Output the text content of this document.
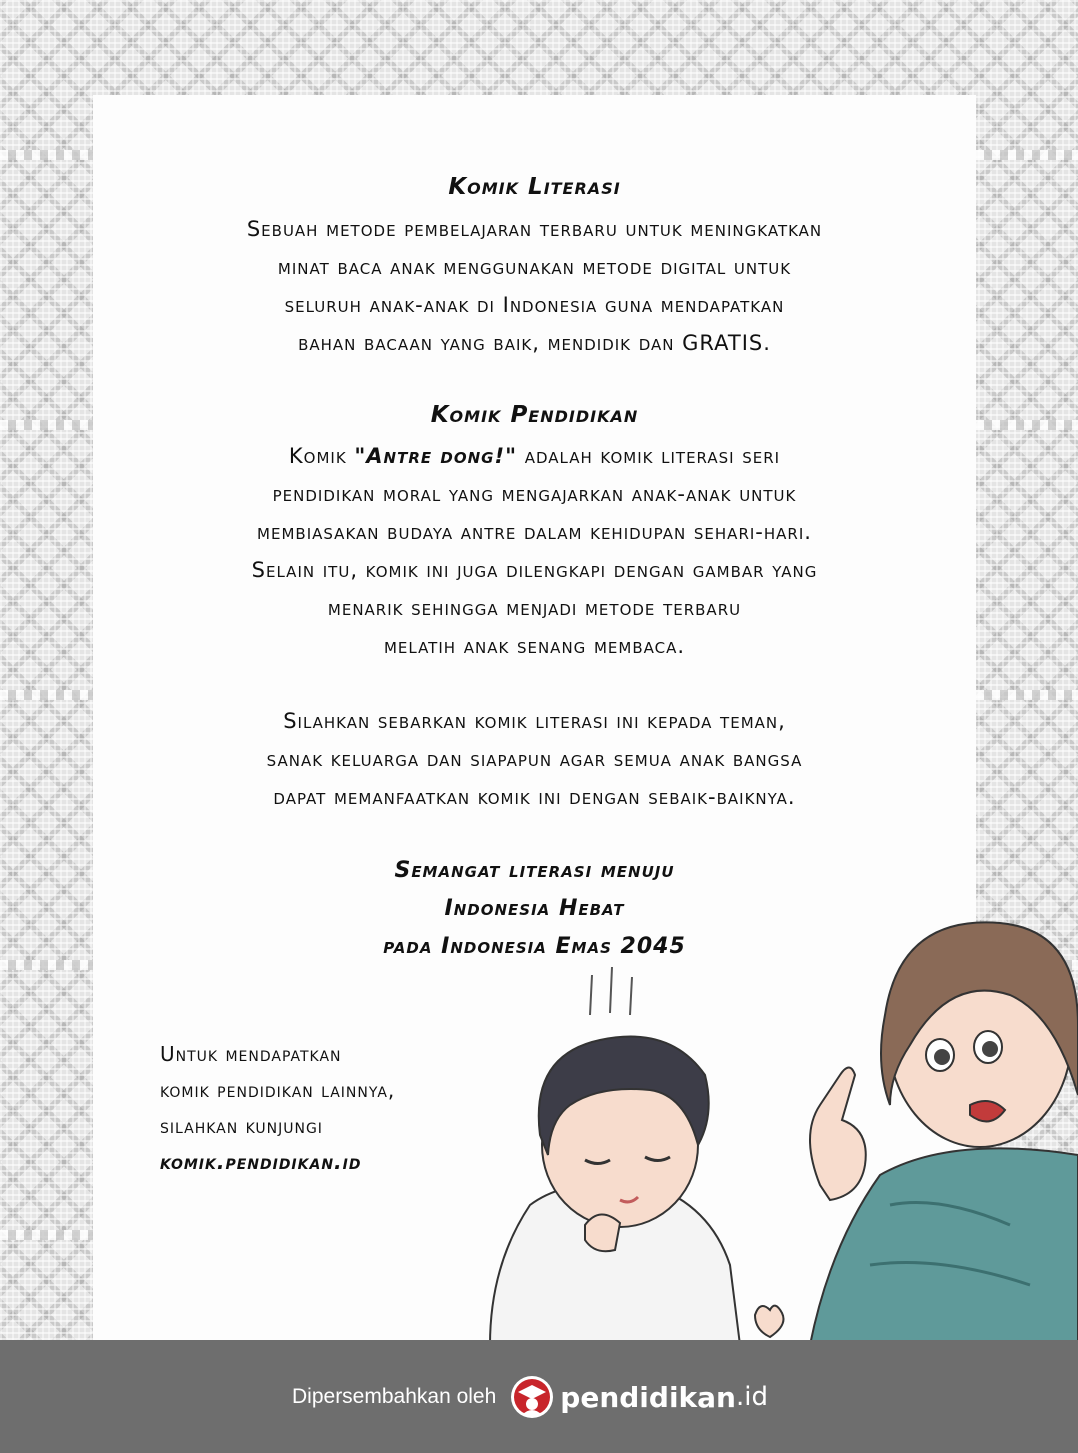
Komik Literasi
Sebuah metode pembelajaran terbaru untuk meningkatkan
minat baca anak menggunakan metode digital untuk
seluruh anak-anak di Indonesia guna mendapatkan
bahan bacaan yang baik, mendidik dan GRATIS.
Komik Pendidikan
Komik "Antre dong!" adalah komik literasi seri
pendidikan moral yang mengajarkan anak-anak untuk
membiasakan budaya antre dalam kehidupan sehari-hari.
Selain itu, komik ini juga dilengkapi dengan gambar yang
menarik sehingga menjadi metode terbaru
melatih anak senang membaca.
Silahkan sebarkan komik literasi ini kepada teman,
sanak keluarga dan siapapun agar semua anak bangsa
dapat memanfaatkan komik ini dengan sebaik-baiknya.
Semangat literasi menuju
Indonesia Hebat
pada Indonesia Emas 2045
Untuk mendapatkan
komik pendidikan lainnya,
silahkan kunjungi
komik.pendidikan.id
Dipersembahkan oleh pendidikan .id
